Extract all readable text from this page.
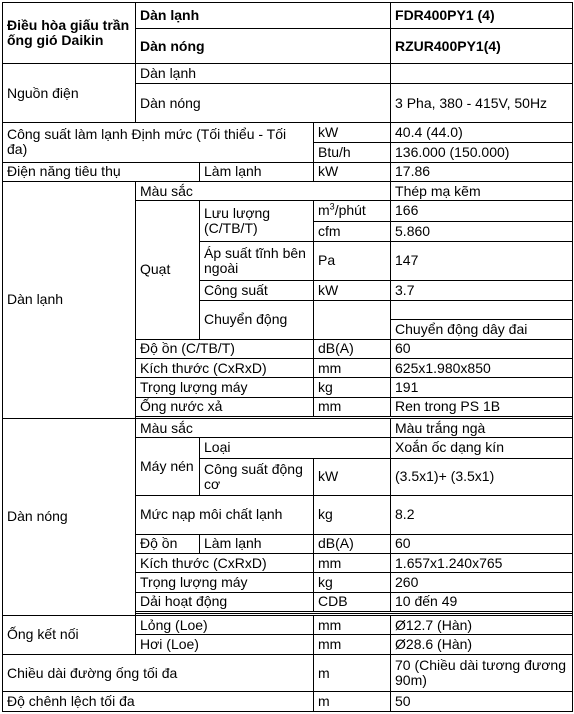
Điều hòa giấu trần ống gió Daikin	Dàn lạnh			FDR400PY1 (4)
	Dàn nóng			RZUR400PY1(4)
Nguồn điện	Dàn lạnh			
	Dàn nóng			3 Pha, 380 - 415V, 50Hz
Công suất làm lạnh Định mức (Tối thiểu - Tối đa)			kW	40.4 (44.0)
			Btu/h	136.000 (150.000)
Điện năng tiêu thụ		Làm lạnh	kW	17.86
Dàn lạnh	Màu sắc			Thép mạ kẽm
	Quạt	Lưu lượng (C/TB/T)	$m^3$/phút	166
			cfm	5.860
		Áp suất tĩnh bên ngoài	Pa	147
		Công suất	kW	3.7
		Chuyển động		
				Chuyển động dây đai
	Độ ồn (C/TB/T)		dB(A)	60
	Kích thước (CxRxD)		mm	625x1.980x850
	Trọng lượng máy		kg	191
	Ống nước xả		mm	Ren trong PS 1B

Dàn nóng	Màu sắc			Màu trắng ngà
	Máy nén	Loại		Xoắn ốc dạng kín
		Công suất động cơ	kW	(3.5x1)+ (3.5x1)
	Mức nạp môi chất lạnh		kg	8.2
	Độ ồn	Làm lạnh	dB(A)	60
	Kích thước (CxRxD)		mm	1.657x1.240x765
	Trọng lượng máy		kg	260
	Dải hoạt động		CDB	10 đến 49

Ống kết nối	Lỏng (Loe)		mm	Ø12.7 (Hàn)
	Hơi (Loe)		mm	Ø28.6 (Hàn)
Chiều dài đường ống tối đa			m	70 (Chiều dài tương đương 90m)
Độ chênh lệch tối đa			m	50
